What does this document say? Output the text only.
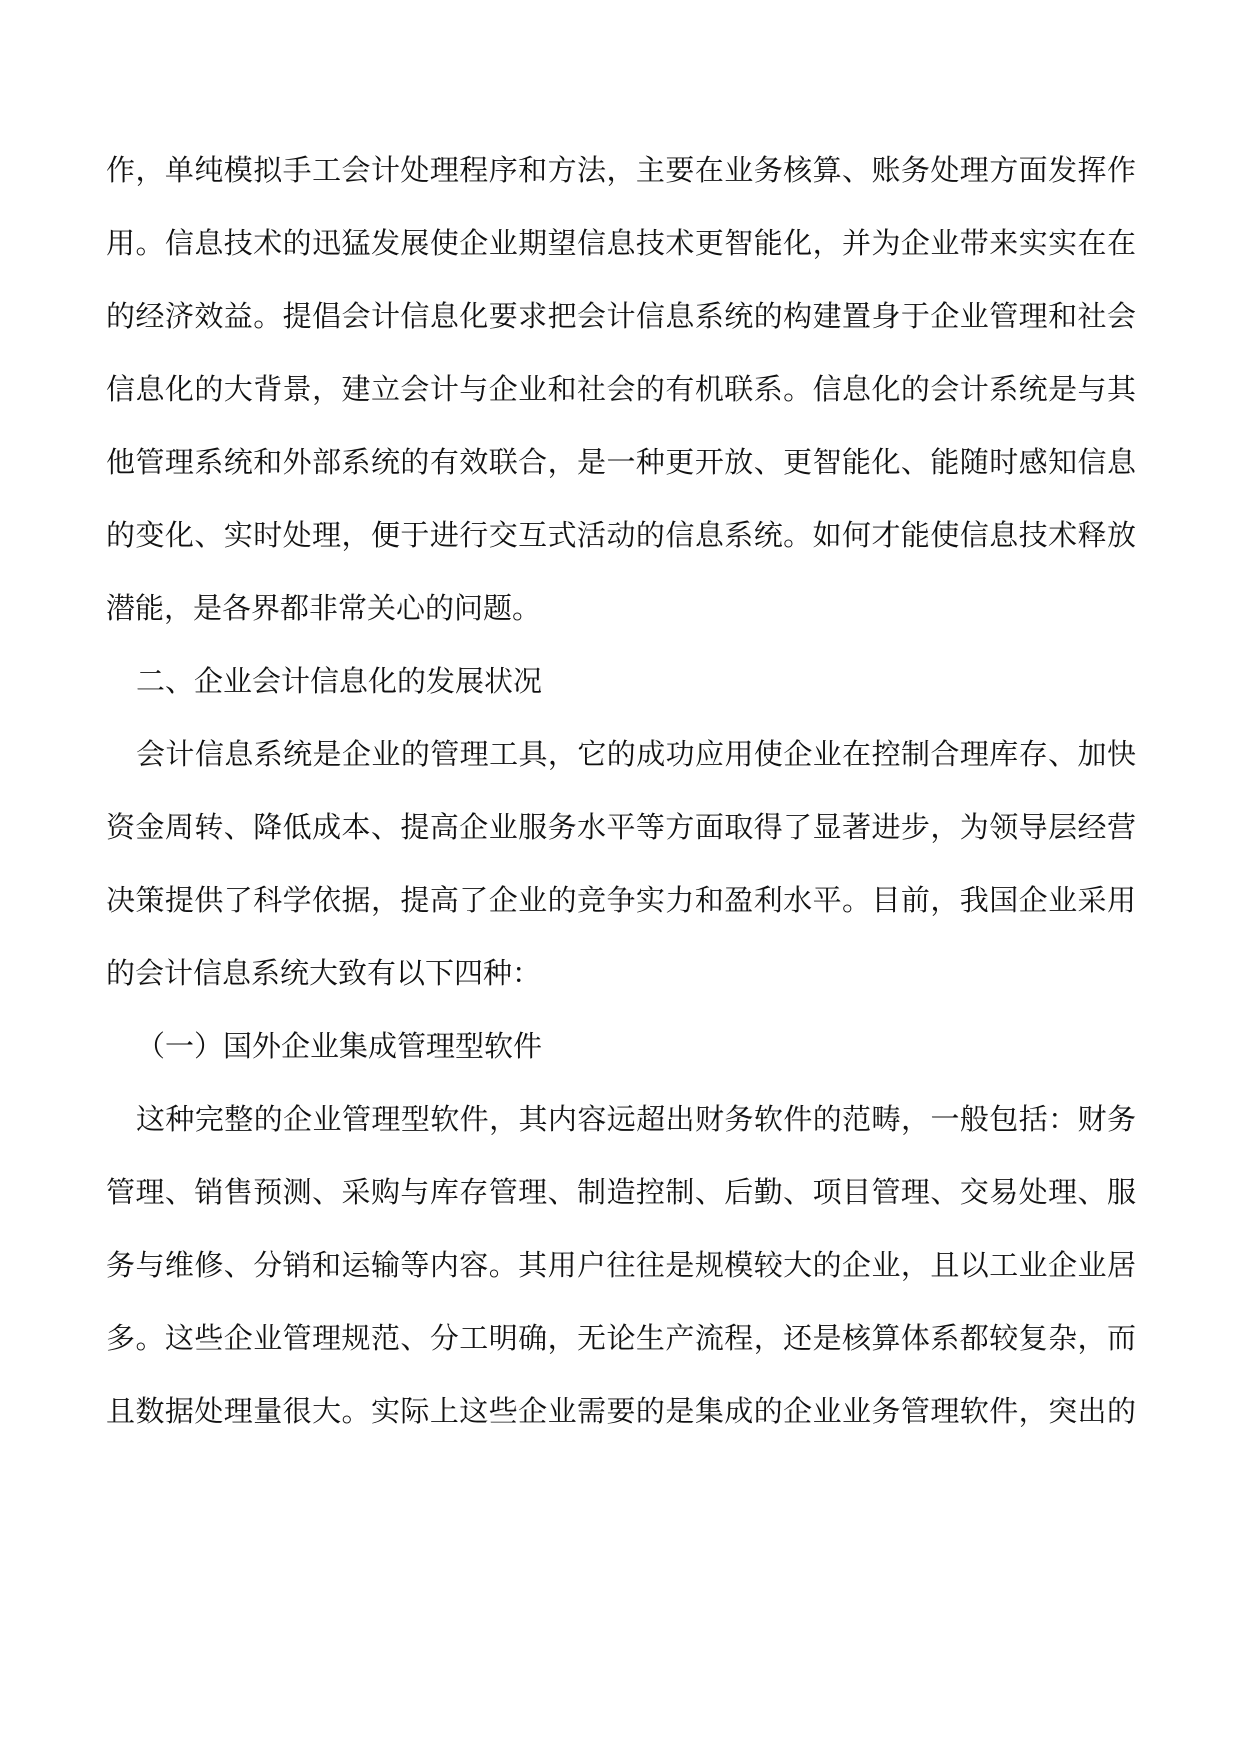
作，单纯模拟手工会计处理程序和方法，主要在业务核算、账务处理方面发挥作
用。信息技术的迅猛发展使企业期望信息技术更智能化，并为企业带来实实在在
的经济效益。提倡会计信息化要求把会计信息系统的构建置身于企业管理和社会
信息化的大背景，建立会计与企业和社会的有机联系。信息化的会计系统是与其
他管理系统和外部系统的有效联合，是一种更开放、更智能化、能随时感知信息
的变化、实时处理，便于进行交互式活动的信息系统。如何才能使信息技术释放
潜能，是各界都非常关心的问题。
二、企业会计信息化的发展状况
会计信息系统是企业的管理工具，它的成功应用使企业在控制合理库存、加快
资金周转、降低成本、提高企业服务水平等方面取得了显著进步，为领导层经营
决策提供了科学依据，提高了企业的竞争实力和盈利水平。目前，我国企业采用
的会计信息系统大致有以下四种：
（一）国外企业集成管理型软件
这种完整的企业管理型软件，其内容远超出财务软件的范畴，一般包括：财务
管理、销售预测、采购与库存管理、制造控制、后勤、项目管理、交易处理、服
务与维修、分销和运输等内容。其用户往往是规模较大的企业，且以工业企业居
多。这些企业管理规范、分工明确，无论生产流程，还是核算体系都较复杂，而
且数据处理量很大。实际上这些企业需要的是集成的企业业务管理软件，突出的
